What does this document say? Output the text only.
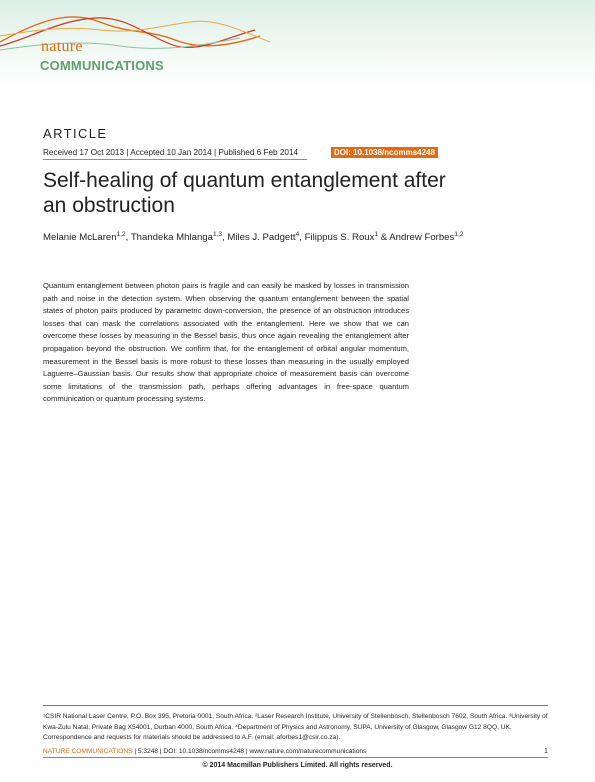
nature
COMMUNICATIONS
ARTICLE
Received 17 Oct 2013 | Accepted 10 Jan 2014 | Published 6 Feb 2014	DOI: 10.1038/ncomms4248
Self-healing of quantum entanglement after an obstruction
Melanie McLaren$^{1,2}$, Thandeka Mhlanga$^{1,3}$, Miles J. Padgett$^4$, Filippus S. Roux$^1$ & Andrew Forbes$^{1,2}$
Quantum entanglement between photon pairs is fragile and can easily be masked by losses in transmission path and noise in the detection system. When observing the quantum entanglement between the spatial states of photon pairs produced by parametric down-conversion, the presence of an obstruction introduces losses that can mask the correlations associated with the entanglement. Here we show that we can overcome these losses by measuring in the Bessel basis, thus once again revealing the entanglement after propagation beyond the obstruction. We confirm that, for the entanglement of orbital angular momentum, measurement in the Bessel basis is more robust to these losses than measuring in the usually employed Laguerre–Gaussian basis. Our results show that appropriate choice of measurement basis can overcome some limitations of the transmission path, perhaps offering advantages in free-space quantum communication or quantum processing systems.
¹CSIR National Laser Centre, P.O. Box 395, Pretoria 0001, South Africa. ²Laser Research Institute, University of Stellenbosch, Stellenbosch 7602, South Africa. ³University of Kwa-Zulu Natal, Private Bag X54001, Durban 4000, South Africa. ⁴Department of Physics and Astronomy, SUPA, University of Glasgow, Glasgow G12 8QQ, UK. Correspondence and requests for materials should be addressed to A.F. (email: aforbes1@csir.co.za).
NATURE COMMUNICATIONS | 5:3248 | DOI: 10.1038/ncomms4248 | www.nature.com/naturecommunications	1
© 2014 Macmillan Publishers Limited. All rights reserved.
